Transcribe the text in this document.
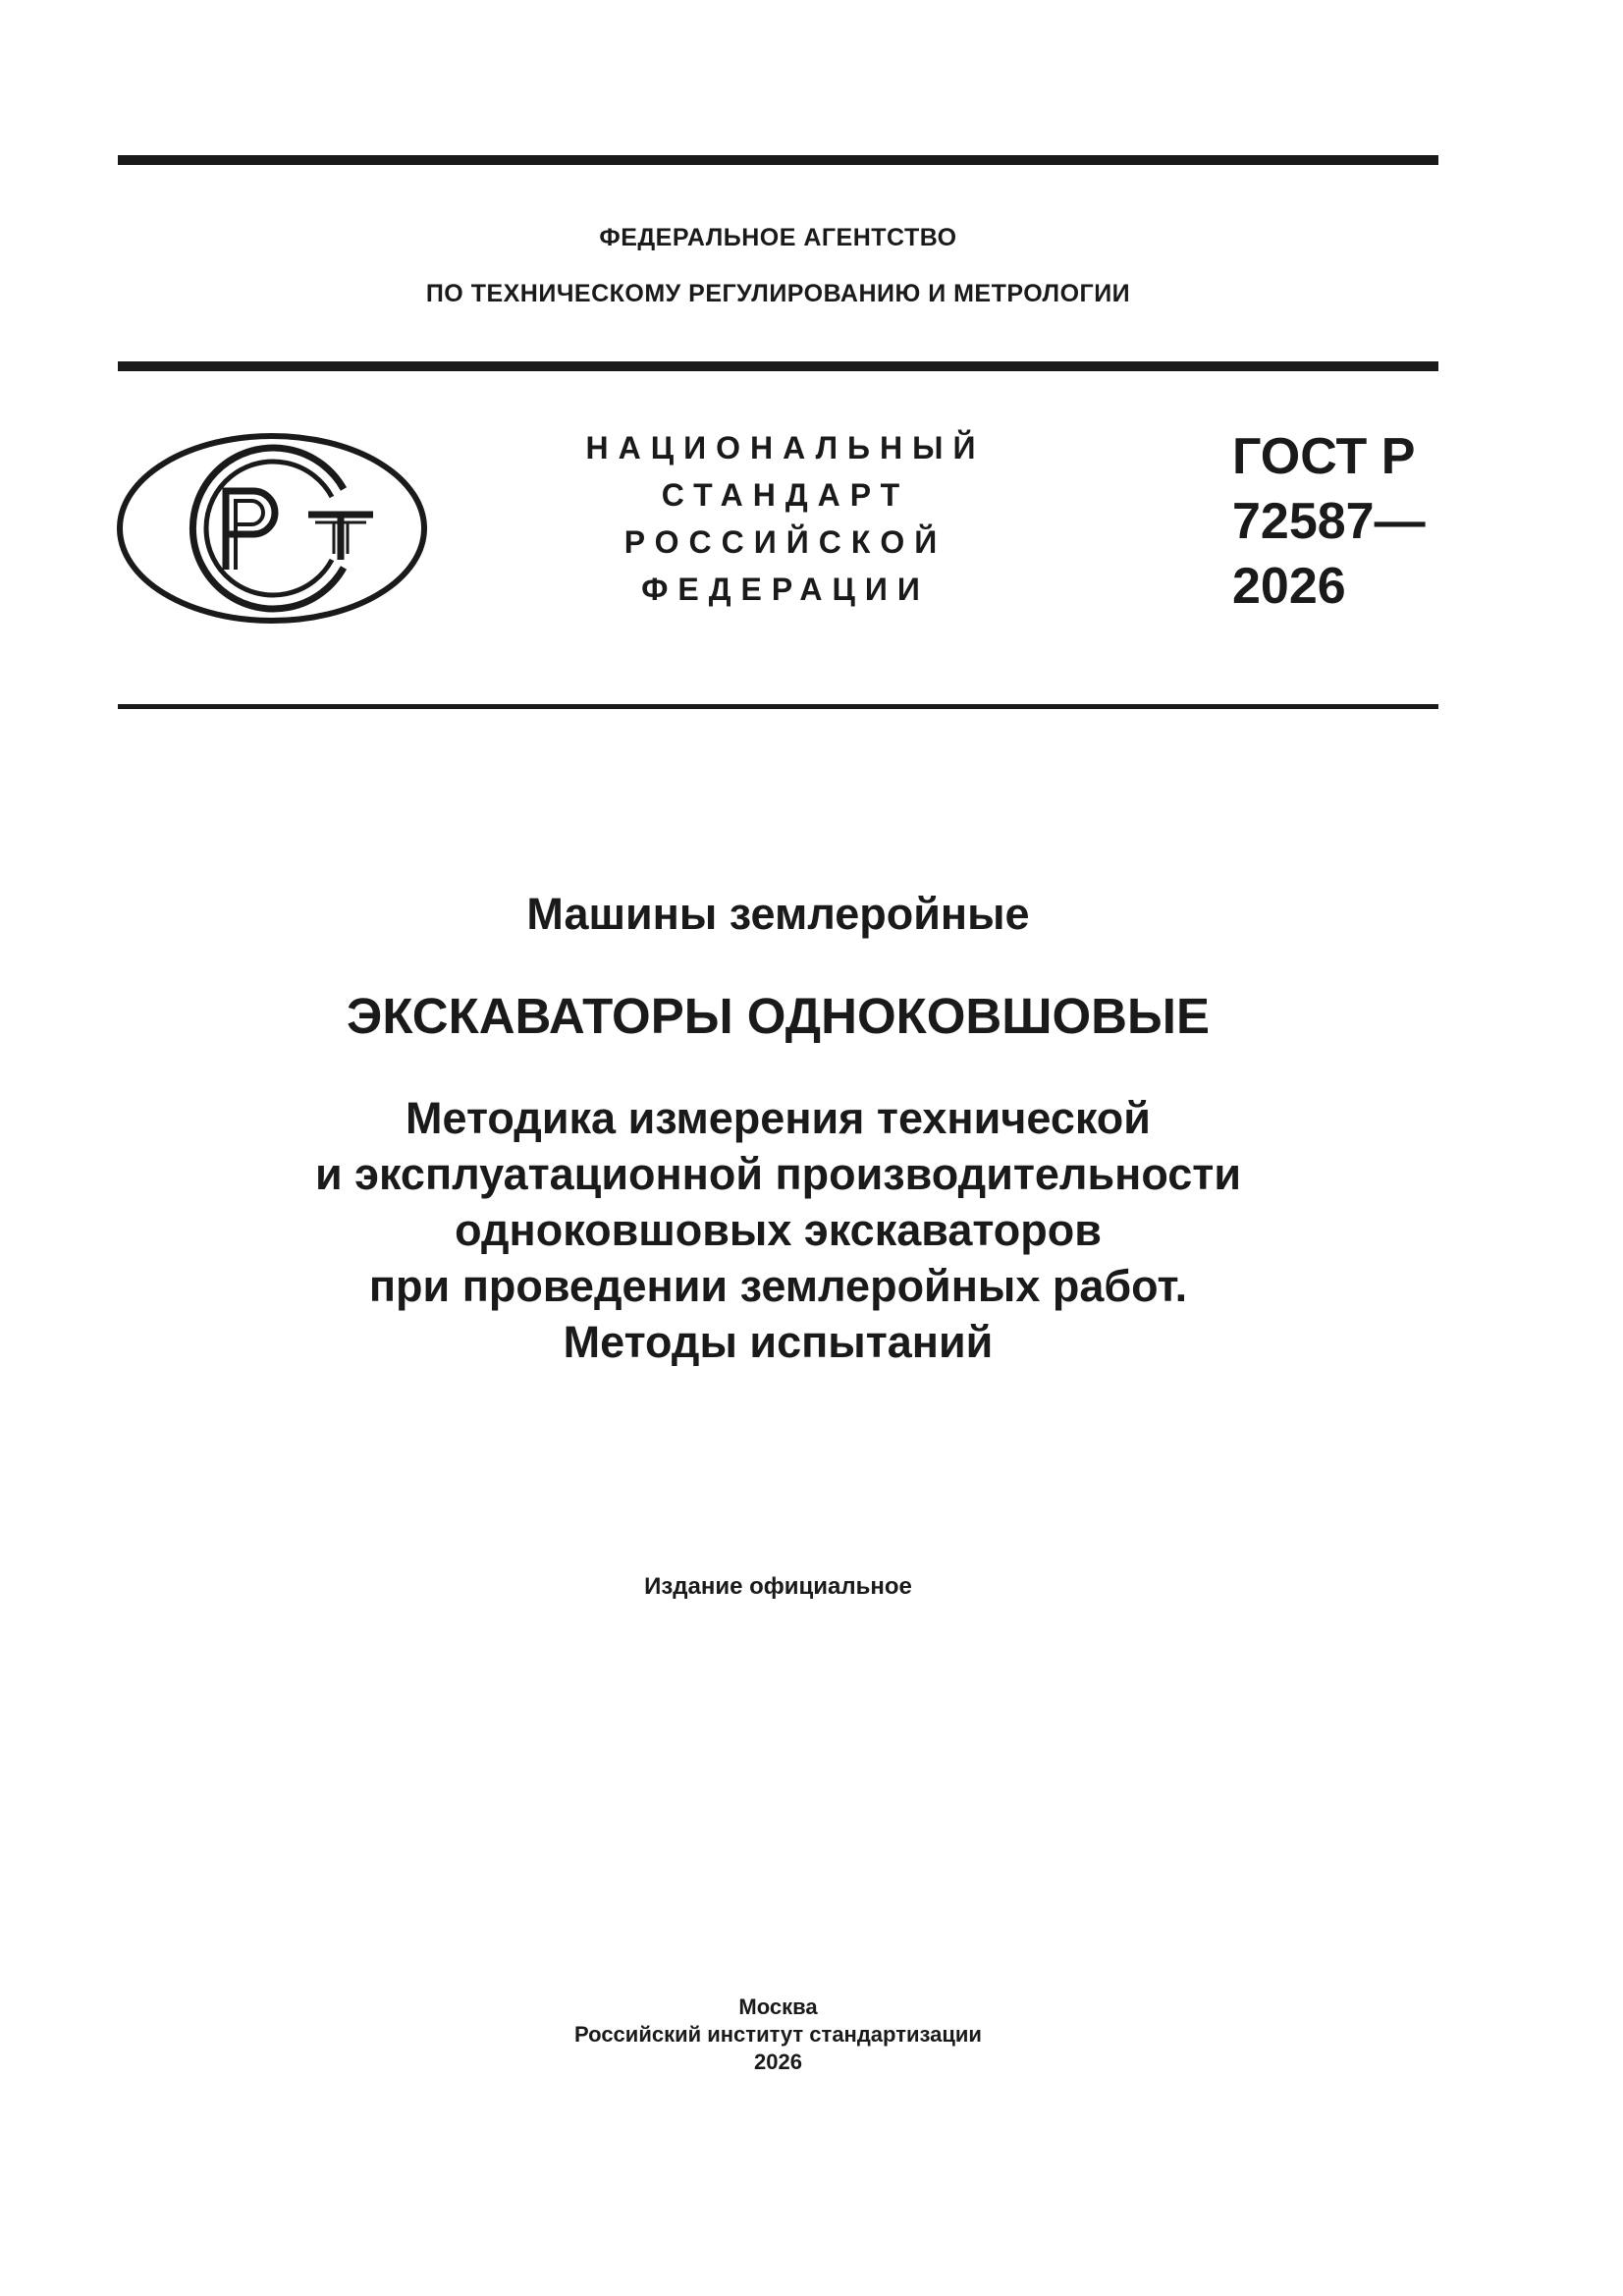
ФЕДЕРАЛЬНОЕ АГЕНТСТВО
ПО ТЕХНИЧЕСКОМУ РЕГУЛИРОВАНИЮ И МЕТРОЛОГИИ
НАЦИОНАЛЬНЫЙ
СТАНДАРТ
РОССИЙСКОЙ
ФЕДЕРАЦИИ
ГОСТ Р
72587—
2026
Машины землеройные
ЭКСКАВАТОРЫ ОДНОКОВШОВЫЕ
Методика измерения технической
и эксплуатационной производительности
одноковшовых экскаваторов
при проведении землеройных работ.
Методы испытаний
Издание официальное
Москва
Российский институт стандартизации
2026
